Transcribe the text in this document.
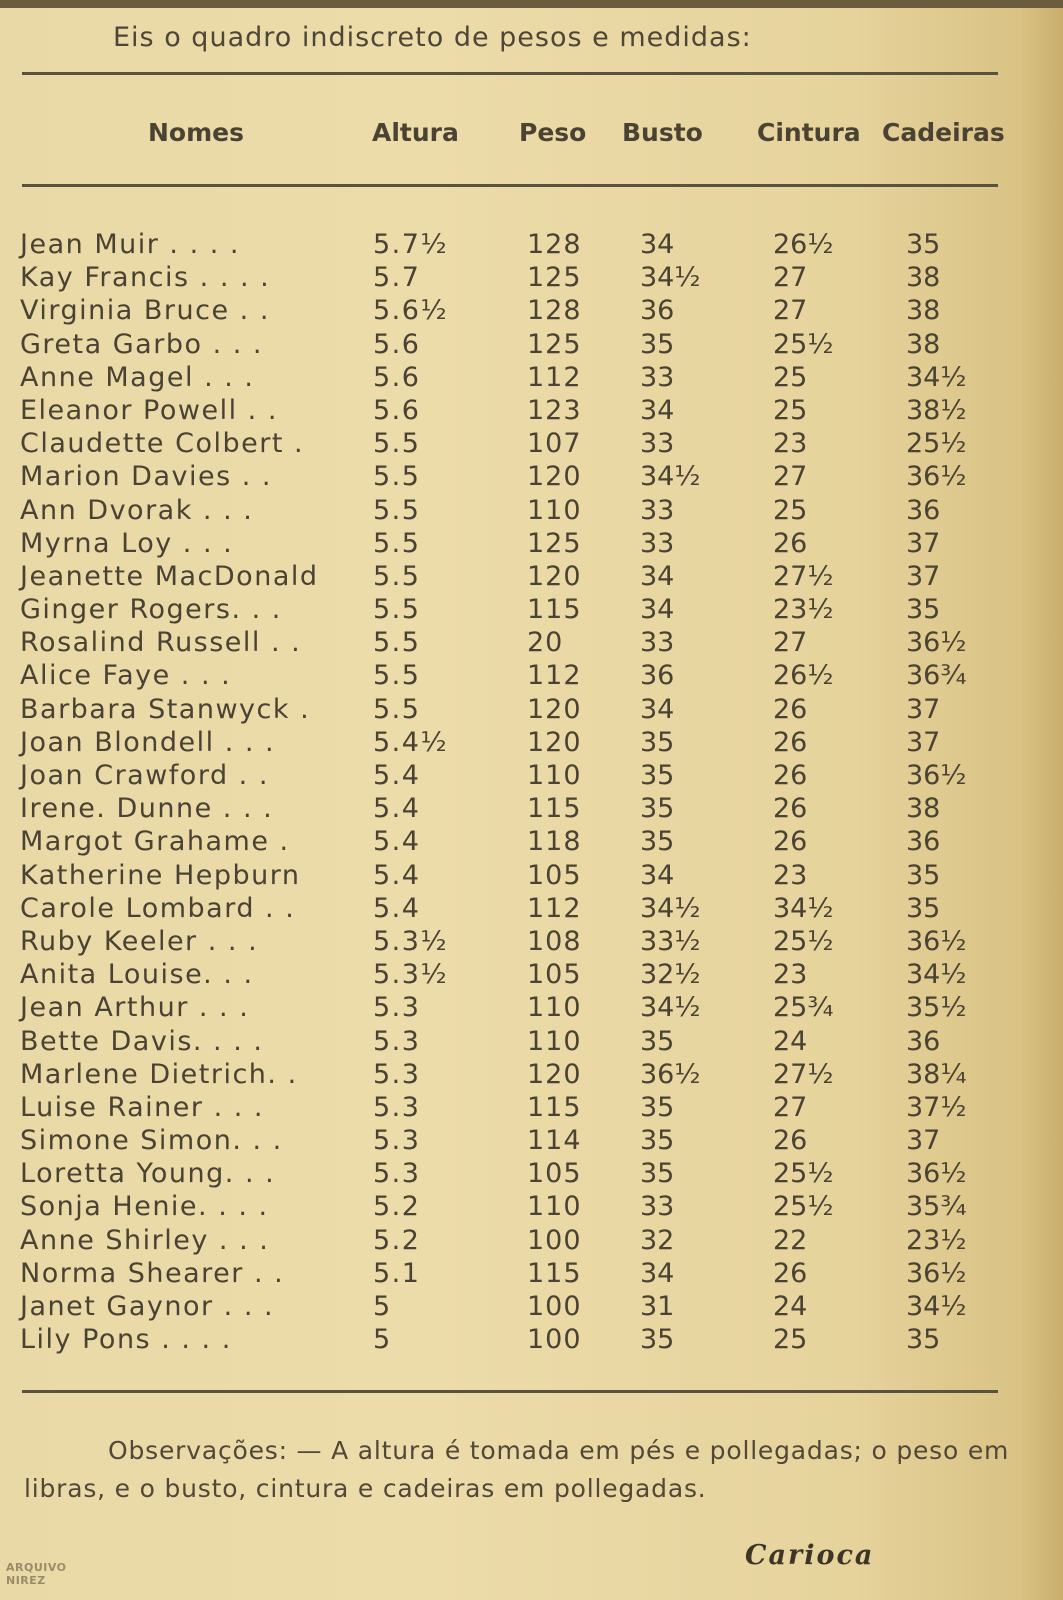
Eis o quadro indiscreto de pesos e medidas:
Nomes	Altura Peso Busto Cintura Cadeiras
Jean Muir . . . .	5.7½	128 34	26½	35
Kay Francis . . . .	5.7	125 34½	27	38
Virginia Bruce . .	5.6½	128 36	27	38
Greta Garbo . . .	5.6	125 35	25½	38
Anne Magel . . .	5.6	112 33	25	34½
Eleanor Powell . .	5.6	123 34	25	38½
Claudette Colbert .	5.5	107 33	23	25½
Marion Davies . .	5.5	120 34½	27	36½
Ann Dvorak . . .	5.5	110 33	25	36
Myrna Loy . . .	5.5	125 33	26	37
Jeanette MacDonald 5.5	120 34	27½	37
Ginger Rogers. . .	5.5	115 34	23½	35
Rosalind Russell . .	5.5	20	33	27	36½
Alice Faye . . .	5.5	112 36	26½	36¾
Barbara Stanwyck . 5.5	120 34	26	37
Joan Blondell . . .	5.4½	120 35	26	37
Joan Crawford . .	5.4	110 35	26	36½
Irene. Dunne . . .	5.4	115 35	26	38
Margot Grahame .	5.4	118 35	26	36
Katherine Hepburn	5.4	105 34	23	35
Carole Lombard . .	5.4	112 34½	34½	35
Ruby Keeler . . .	5.3½	108 33½	25½	36½
Anita Louise. . .	5.3½	105 32½	23	34½
Jean Arthur . . .	5.3	110 34½	25¾	35½
Bette Davis. . . .	5.3	110 35	24	36
Marlene Dietrich. .	5.3	120 36½	27½	38¼
Luise Rainer . . .	5.3	115 35	27	37½
Simone Simon. . .	5.3	114 35	26	37
Loretta Young. . .	5.3	105 35	25½	36½
Sonja Henie. . . .	5.2	110 33	25½	35¾
Anne Shirley . . .	5.2	100 32	22	23½
Norma Shearer . .	5.1	115 34	26	36½
Janet Gaynor . . .	5	100 31	24	34½
Lily Pons . . . .	5	100 35	25	35
Observações: — A altura é tomada em pés e pollegadas; o peso em libras, e o busto, cintura e cadeiras em pollegadas.
ARQUIVO
NIREZ
Carioca
